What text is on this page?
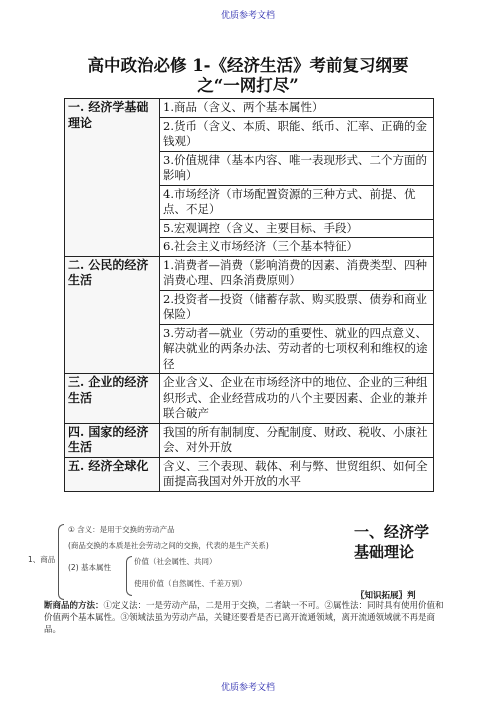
优质参考文档
高中政治必修 1-《经济生活》考前复习纲要
之“一网打尽”
一. 经济学基础理论	1.商品（含义、两个基本属性）
	2.货币（含义、本质、职能、纸币、汇率、正确的金钱观）
	3.价值规律（基本内容、唯一表现形式、二个方面的影响）
	4.市场经济（市场配置资源的三种方式、前提、优点、不足）
	5.宏观调控（含义、主要目标、手段）
	6.社会主义市场经济（三个基本特征）
二. 公民的经济生活	1.消费者—消费（影响消费的因素、消费类型、四种消费心理、四条消费原则）
	2.投资者—投资（储蓄存款、购买股票、债券和商业保险）
	3.劳动者—就业（劳动的重要性、就业的四点意义、解决就业的两条办法、劳动者的七项权利和维权的途径
三. 企业的经济生活	企业含义、企业在市场经济中的地位、企业的三种组织形式、企业经营成功的八个主要因素、企业的兼并联合破产
四. 国家的经济生活	我国的所有制制度、分配制度、财政、税收、小康社会、对外开放
五. 经济全球化	含义、三个表现、载体、利与弊、世贸组织、如何全面提高我国对外开放的水平
1、商品
① 含义：是用于交换的劳动产品
(商品交换的本质是社会劳动之间的交换，代表的是生产关系)
(2) 基本属性
价值（社会属性、共同）
使用价值（自然属性、千差万别）
一、经济学基础理论
〖知识拓展〗判
断商品的方法：①定义法：一是劳动产品，二是用于交换，二者缺一不可。②属性法：同时具有使用价值和价值两个基本属性。③领域法虽为劳动产品，关键还要看是否已离开流通领域，离开流通领域就不再是商品。
优质参考文档
